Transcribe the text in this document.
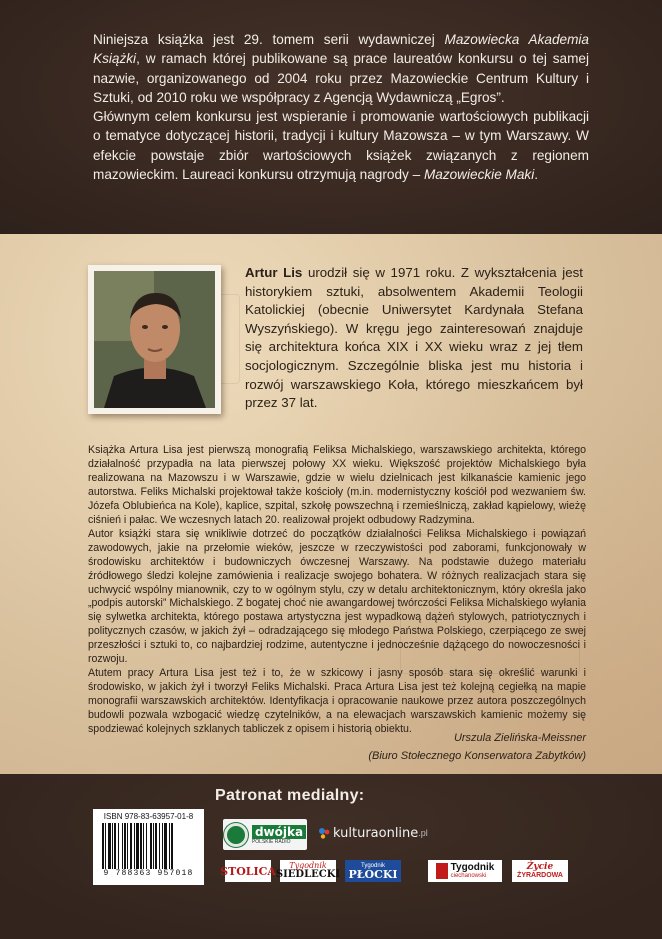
Niniejsza książka jest 29. tomem serii wydawniczej Mazowiecka Akademia Książki, w ramach której publikowane są prace laureatów konkursu o tej samej nazwie, organizowanego od 2004 roku przez Mazowieckie Centrum Kultury i Sztuki, od 2010 roku we współpracy z Agencją Wydawniczą „Egros”.

Głównym celem konkursu jest wspieranie i promowanie wartościowych publikacji o tematyce dotyczącej historii, tradycji i kultury Mazowsza – w tym Warszawy. W efekcie powstaje zbiór wartościowych książek związanych z regionem mazowieckim. Laureaci konkursu otrzymują nagrody – Mazowieckie Maki.

Artur Lis urodził się w 1971 roku. Z wykształcenia jest historykiem sztuki, absolwentem Akademii Teologii Katolickiej (obecnie Uniwersytet Kardynała Stefana Wyszyńskiego). W kręgu jego zainteresowań znajduje się architektura końca XIX i XX wieku wraz z jej tłem socjologicznym. Szczególnie bliska jest mu historia i rozwój warszawskiego Koła, którego mieszkańcem był przez 37 lat.

Książka Artura Lisa jest pierwszą monografią Feliksa Michalskiego, warszawskiego architekta, którego działalność przypadła na lata pierwszej połowy XX wieku. Większość projektów Michalskiego była realizowana na Mazowszu i w Warszawie, gdzie w wielu dzielnicach jest kilkanaście kamienic jego autorstwa. Feliks Michalski projektował także kościoły (m.in. modernistyczny kościół pod wezwaniem św. Józefa Oblubieńca na Kole), kaplice, szpital, szkołę powszechną i rzemieślniczą, zakład kąpielowy, wieżę ciśnień i pałac. We wczesnych latach 20. realizował projekt odbudowy Radzymina.

Autor książki stara się wnikliwie dotrzeć do początków działalności Feliksa Michalskiego i powiązań zawodowych, jakie na przełomie wieków, jeszcze w rzeczywistości pod zaborami, funkcjonowały w środowisku architektów i budowniczych ówczesnej Warszawy. Na podstawie dużego materiału źródłowego śledzi kolejne zamówienia i realizacje swojego bohatera. W różnych realizacjach stara się uchwycić wspólny mianownik, czy to w ogólnym stylu, czy w detalu architektonicznym, który określa jako „podpis autorski” Michalskiego. Z bogatej choć nie awangardowej twórczości Feliksa Michalskiego wyłania się sylwetka architekta, którego postawa artystyczna jest wypadkową dążeń stylowych, patriotycznych i politycznych czasów, w jakich żył – odradzającego się młodego Państwa Polskiego, czerpiącego ze swej przeszłości i sztuki to, co najbardziej rodzime, autentyczne i jednocześnie dążącego do nowoczesności i rozwoju.

Atutem pracy Artura Lisa jest też i to, że w szkicowy i jasny sposób stara się określić warunki i środowisko, w jakich żył i tworzył Feliks Michalski. Praca Artura Lisa jest też kolejną cegiełką na mapie monografii warszawskich architektów. Identyfikacja i opracowanie naukowe przez autora poszczególnych budowli pozwala wzbogacić wiedzę czytelników, a na elewacjach warszawskich kamienic możemy się spodziewać kolejnych szklanych tabliczek z opisem i historią obiektu.

Urszula Zielińska-Meissner
(Biuro Stołecznego Konserwatora Zabytków)
Patronat medialny:
ISBN 978-83-63957-01-8
9 788363 957018
dwójka
POLSKIE RADIO
kulturaonline .pl
STOLICA Tygodnik
SIEDLECKI
Tygodnik
PŁOCKI	Tygodnik
ciechanowski
Życie
ŻYRARDOWA
